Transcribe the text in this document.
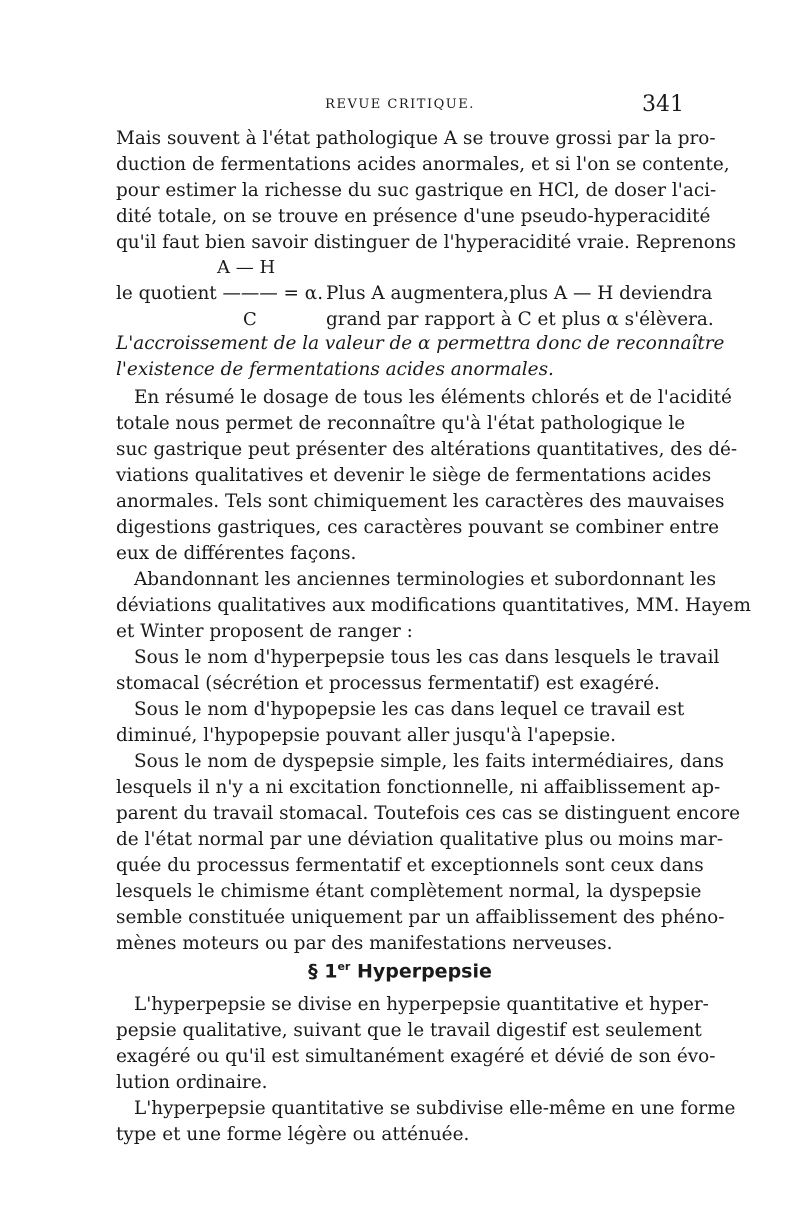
REVUE CRITIQUE.	341
Mais souvent à l'état pathologique A se trouve grossi par la pro-
duction de fermentations acides anormales, et si l'on se contente,
pour estimer la richesse du suc gastrique en HCl, de doser l'aci-
dité totale, on se trouve en présence d'une pseudo-hyperacidité
qu'il faut bien savoir distinguer de l'hyperacidité vraie. Reprenons
A — H
le quotient ——— = α. Plus A augmentera,plus A — H deviendra
C	grand par rapport à C et plus α s'élèvera.
L'accroissement de la valeur de α permettra donc de reconnaître
l'existence de fermentations acides anormales.
En résumé le dosage de tous les éléments chlorés et de l'acidité
totale nous permet de reconnaître qu'à l'état pathologique le
suc gastrique peut présenter des altérations quantitatives, des dé-
viations qualitatives et devenir le siège de fermentations acides
anormales. Tels sont chimiquement les caractères des mauvaises
digestions gastriques, ces caractères pouvant se combiner entre
eux de différentes façons.
Abandonnant les anciennes terminologies et subordonnant les
déviations qualitatives aux modifications quantitatives, MM. Hayem
et Winter proposent de ranger :
Sous le nom d'hyperpepsie tous les cas dans lesquels le travail
stomacal (sécrétion et processus fermentatif) est exagéré.
Sous le nom d'hypopepsie les cas dans lequel ce travail est
diminué, l'hypopepsie pouvant aller jusqu'à l'apepsie.
Sous le nom de dyspepsie simple, les faits intermédiaires, dans
lesquels il n'y a ni excitation fonctionnelle, ni affaiblissement ap-
parent du travail stomacal. Toutefois ces cas se distinguent encore
de l'état normal par une déviation qualitative plus ou moins mar-
quée du processus fermentatif et exceptionnels sont ceux dans
lesquels le chimisme étant complètement normal, la dyspepsie
semble constituée uniquement par un affaiblissement des phéno-
mènes moteurs ou par des manifestations nerveuses.
§ 1er Hyperpepsie
L'hyperpepsie se divise en hyperpepsie quantitative et hyper-
pepsie qualitative, suivant que le travail digestif est seulement
exagéré ou qu'il est simultanément exagéré et dévié de son évo-
lution ordinaire.
L'hyperpepsie quantitative se subdivise elle-même en une forme
type et une forme légère ou atténuée.
